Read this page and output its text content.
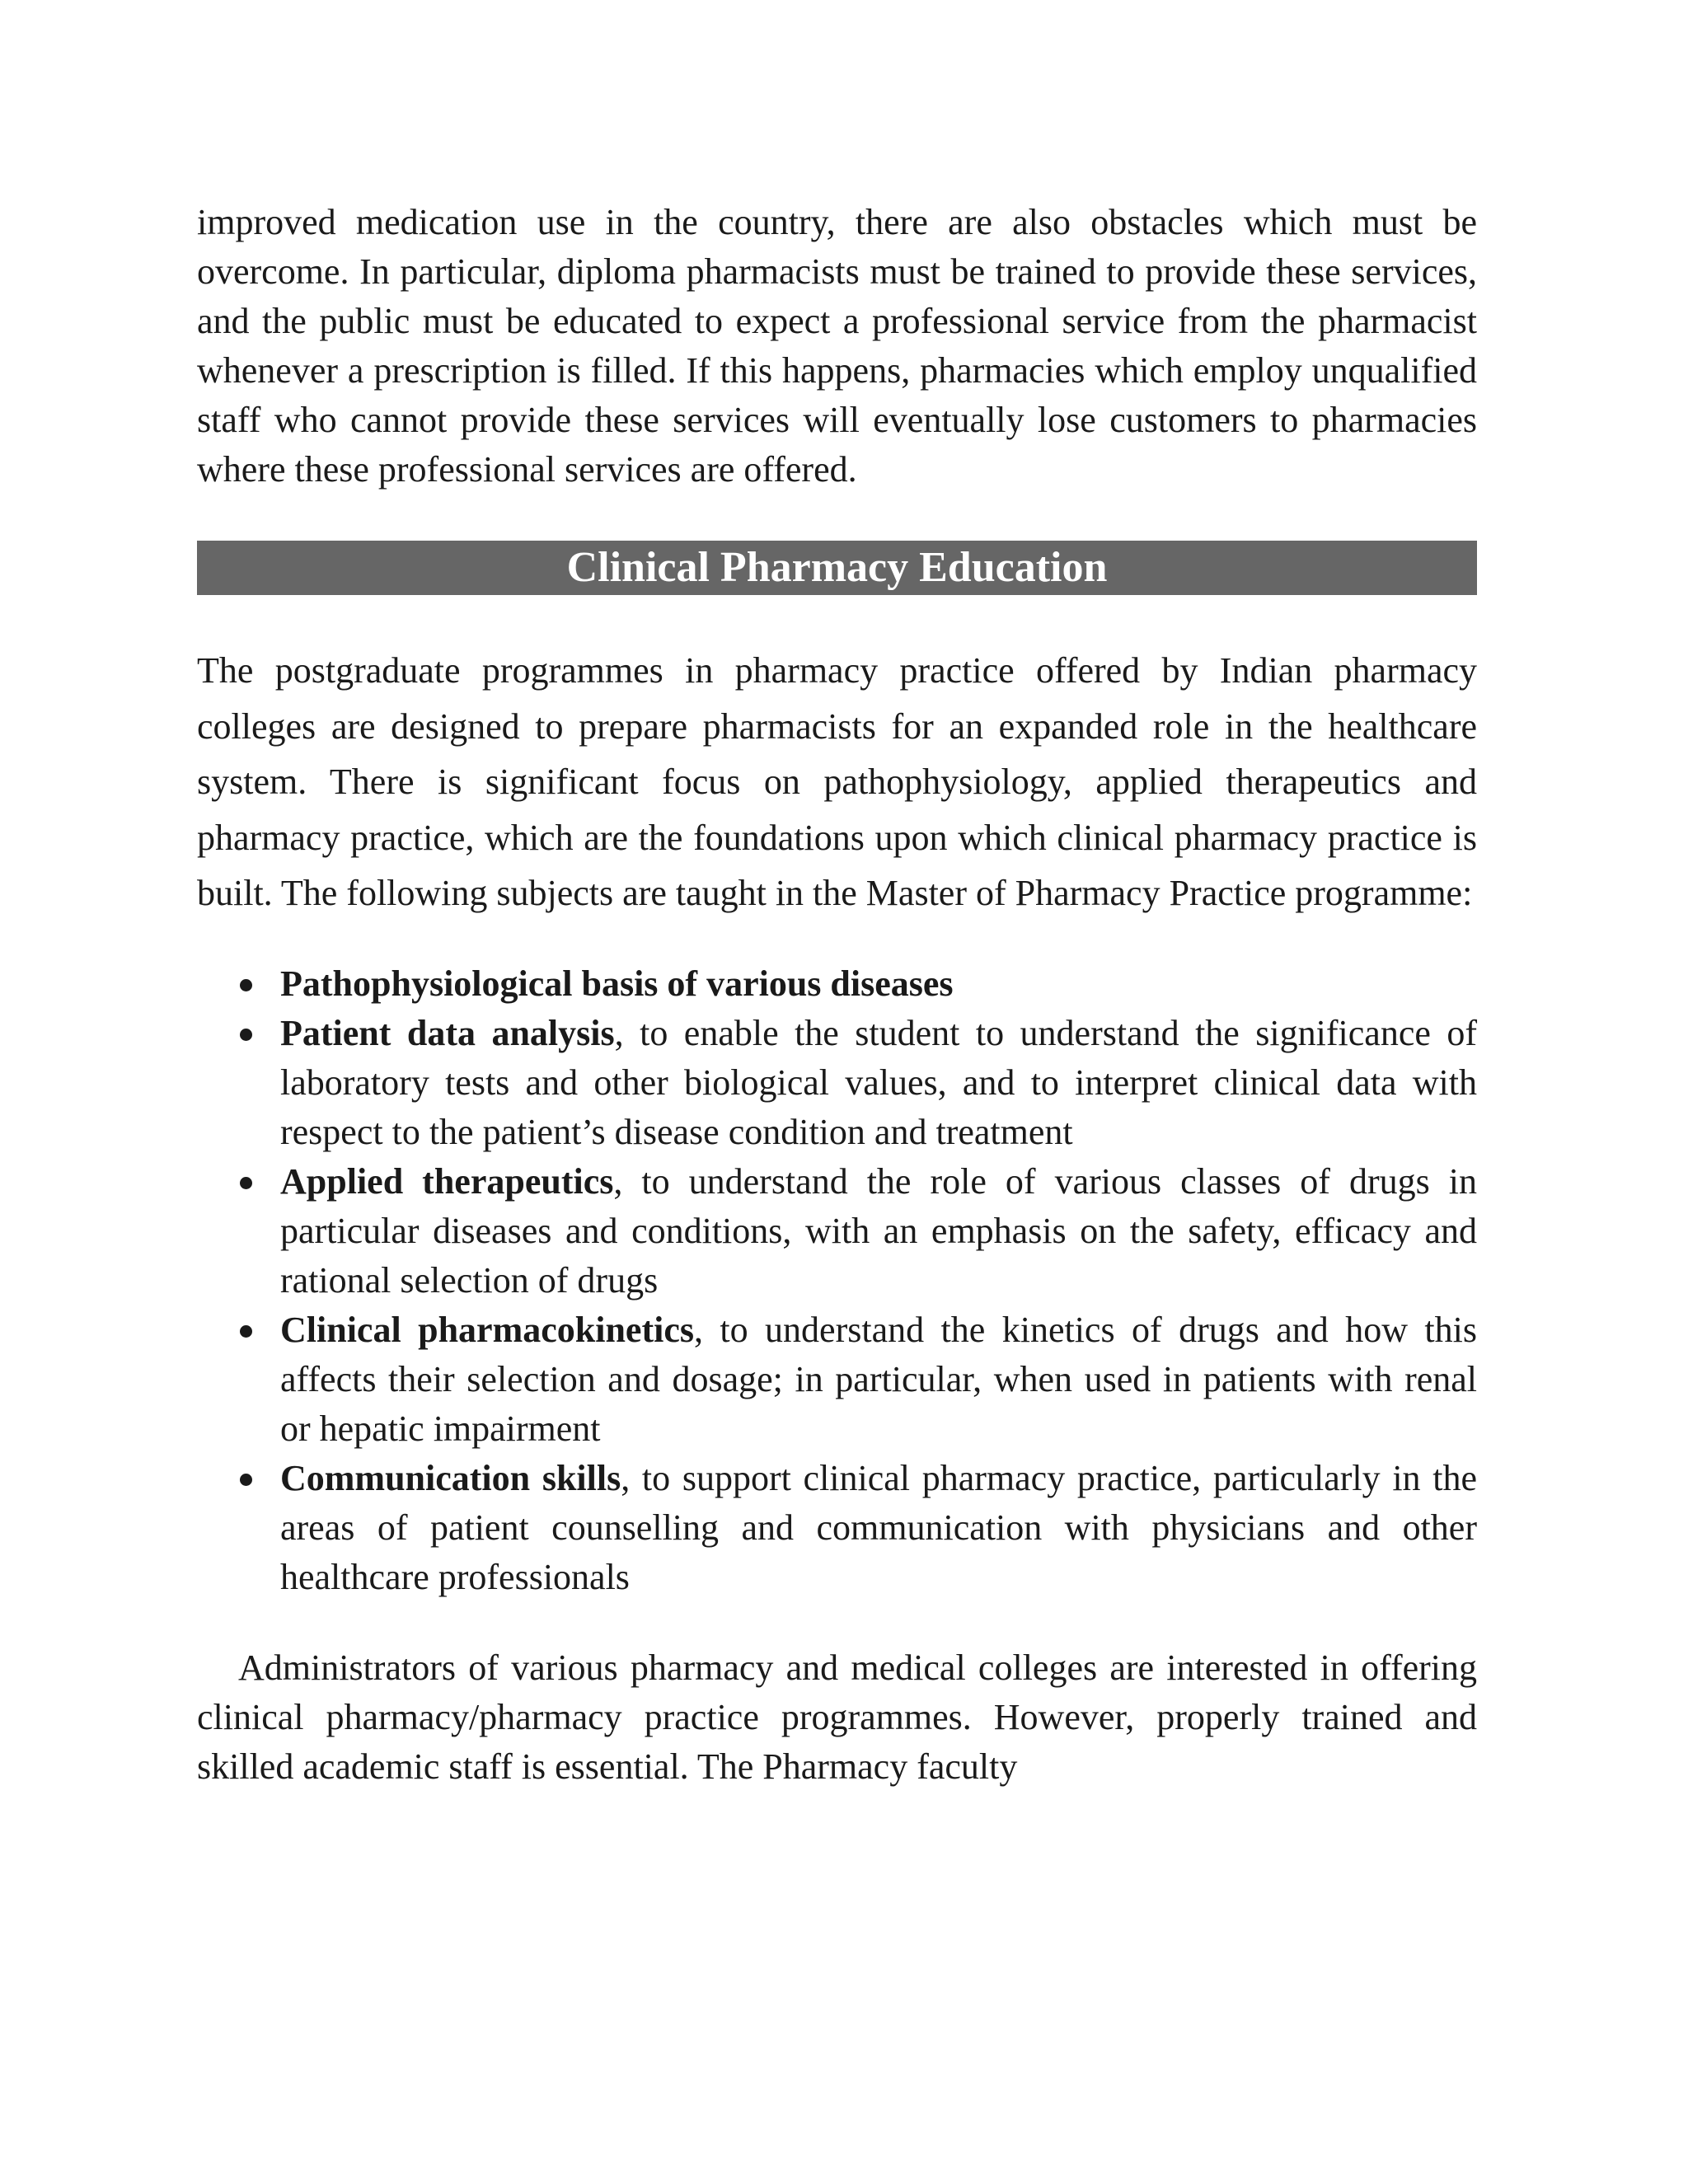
improved medication use in the country, there are also obstacles which must be overcome. In particular, diploma pharmacists must be trained to provide these services, and the public must be educated to expect a professional service from the pharmacist whenever a prescription is filled. If this happens, pharmacies which employ unqualified staff who cannot provide these services will eventually lose customers to pharmacies where these professional services are offered.

Clinical Pharmacy Education

The postgraduate programmes in pharmacy practice offered by Indian pharmacy colleges are designed to prepare pharmacists for an expanded role in the healthcare system. There is significant focus on pathophysiology, applied therapeutics and pharmacy practice, which are the foundations upon which clinical pharmacy practice is built. The following subjects are taught in the Master of Pharmacy Practice programme:

Pathophysiological basis of various diseases
Patient data analysis, to enable the student to understand the significance of laboratory tests and other biological values, and to interpret clinical data with respect to the patient’s disease condition and treatment
Applied therapeutics, to understand the role of various classes of drugs in particular diseases and conditions, with an emphasis on the safety, efficacy and rational selection of drugs
Clinical pharmacokinetics, to understand the kinetics of drugs and how this affects their selection and dosage; in particular, when used in patients with renal or hepatic impairment
Communication skills, to support clinical pharmacy practice, particularly in the areas of patient counselling and communication with physicians and other healthcare professionals

Administrators of various pharmacy and medical colleges are interested in offering clinical pharmacy/pharmacy practice programmes. However, properly trained and skilled academic staff is essential. The Pharmacy faculty
